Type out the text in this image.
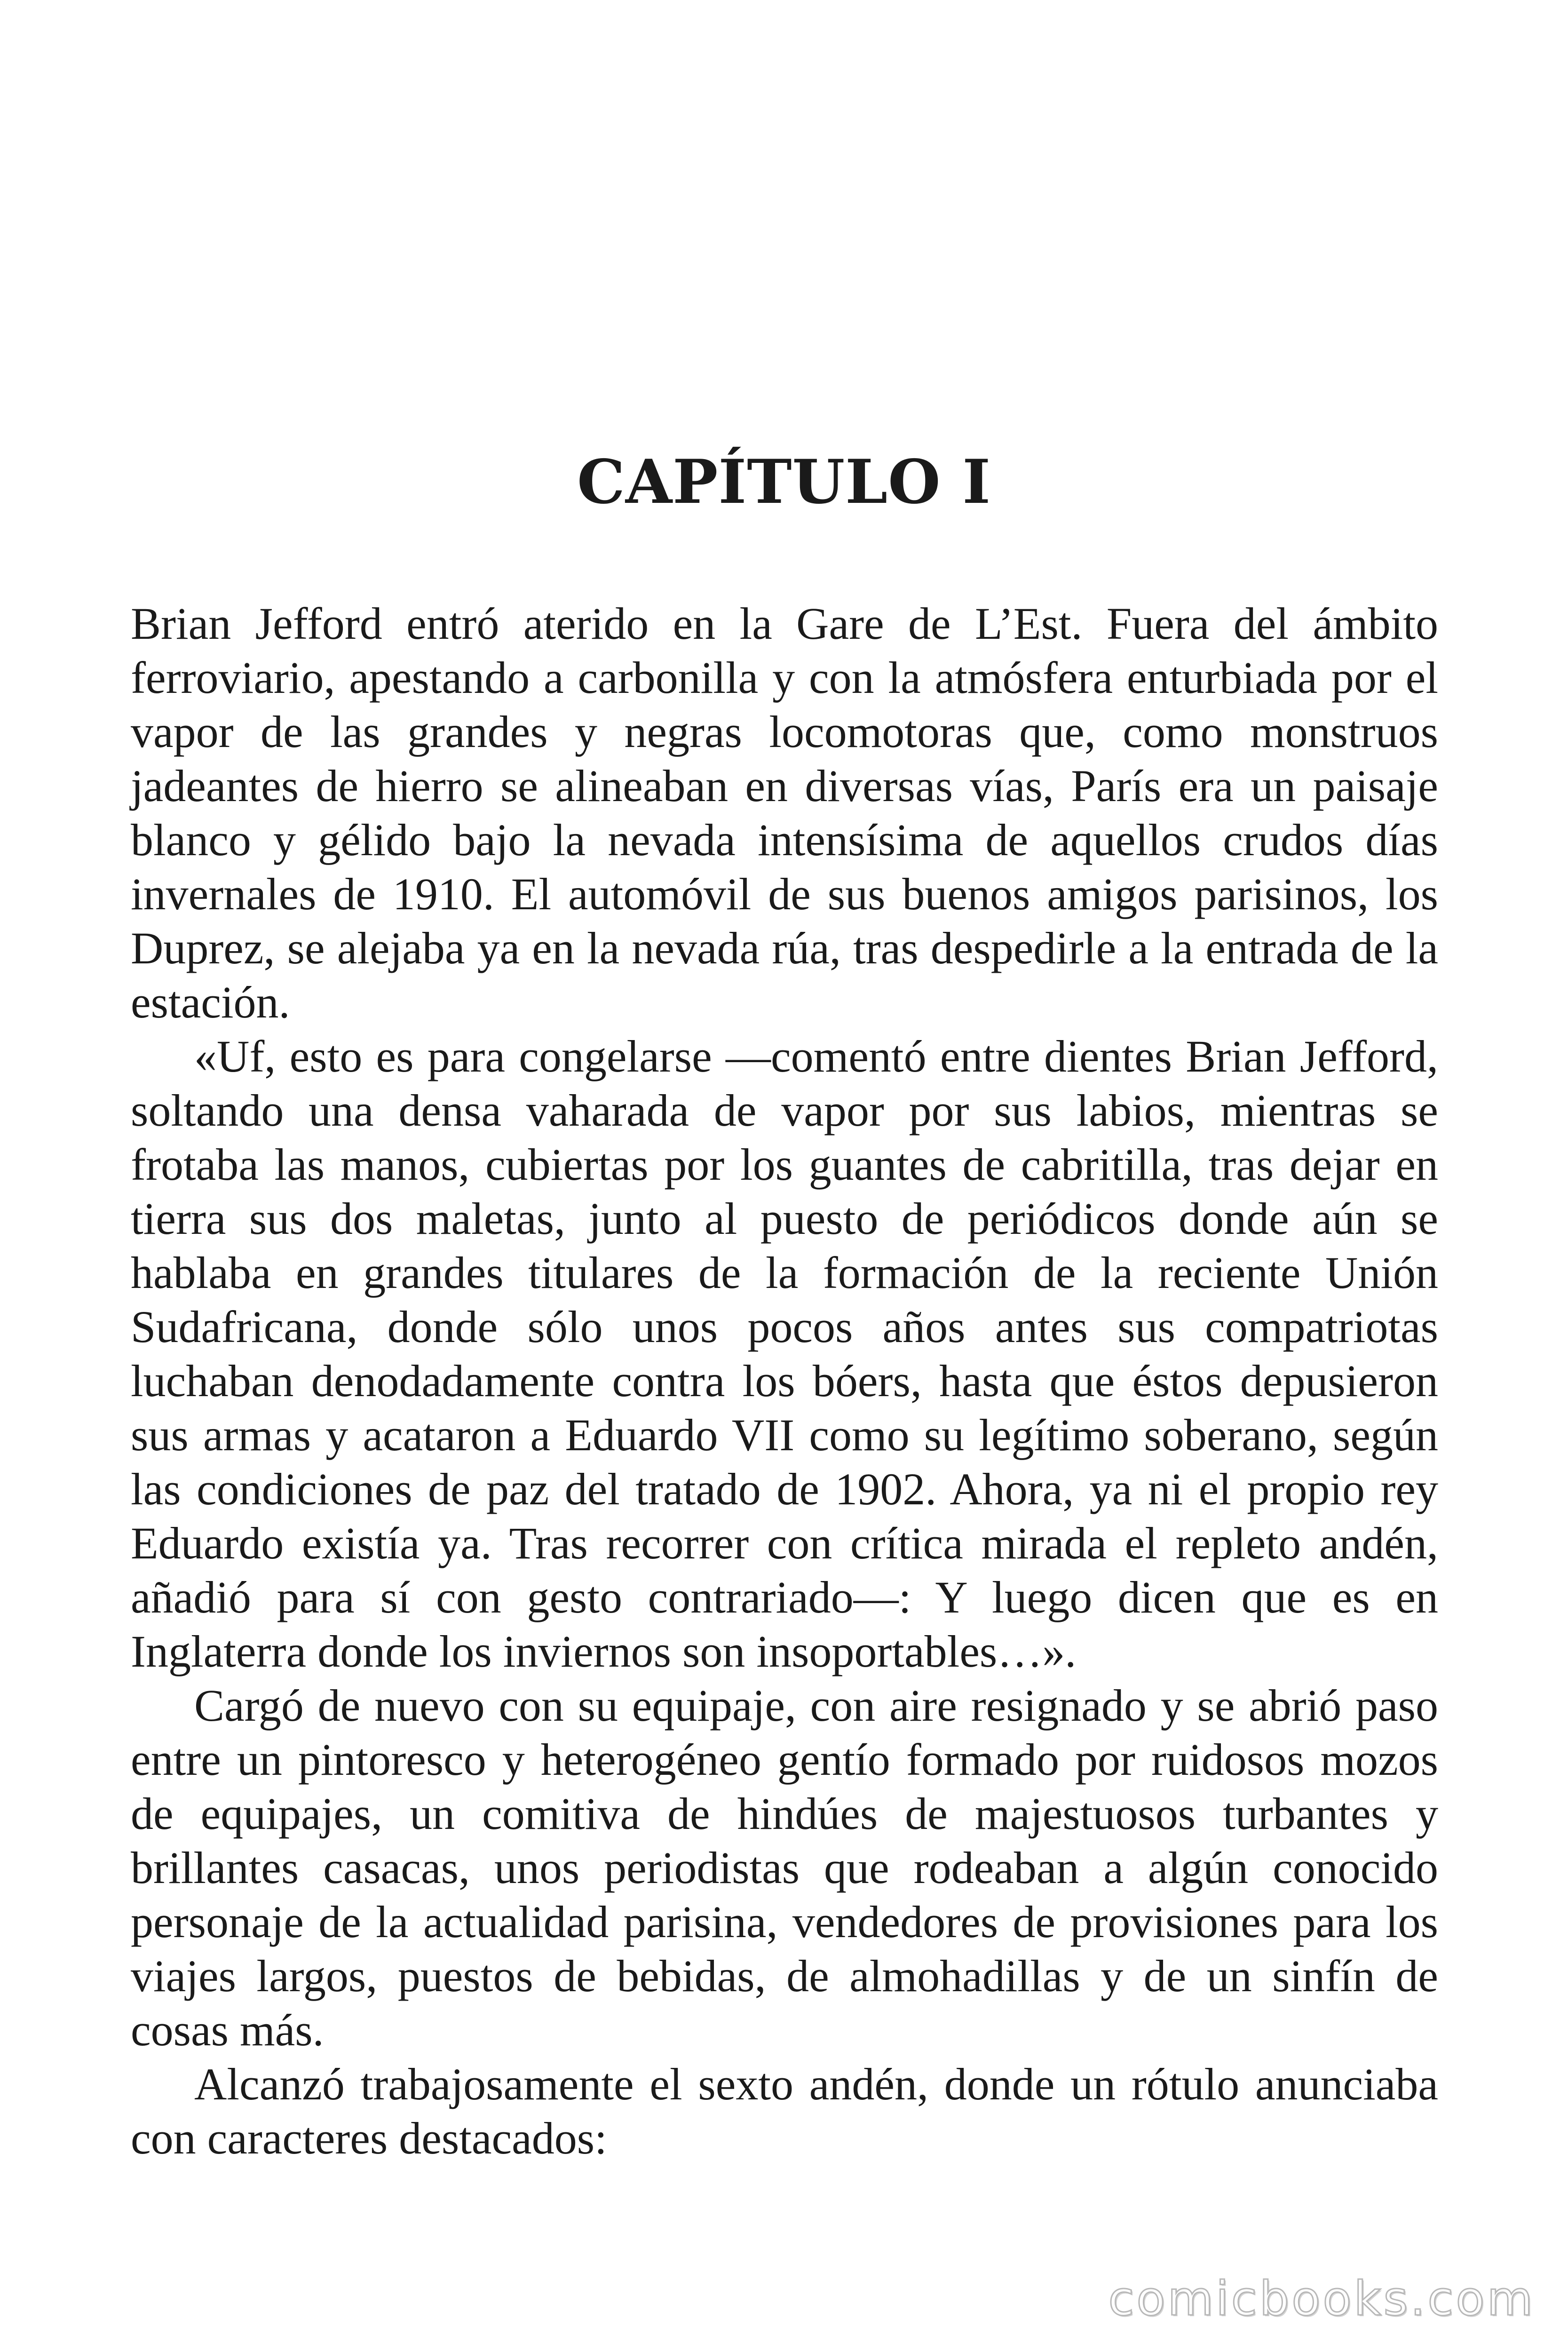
CAPÍTULO I

Brian Jefford entró aterido en la Gare de L’Est. Fuera del ámbito ferroviario, apestando a carbonilla y con la atmósfera enturbiada por el vapor de las grandes y negras locomotoras que, como monstruos jadeantes de hierro se alineaban en diversas vías, París era un paisaje blanco y gélido bajo la nevada intensísima de aquellos crudos días invernales de 1910. El automóvil de sus buenos amigos parisinos, los Duprez, se alejaba ya en la nevada rúa, tras despedirle a la entrada de la estación.

«Uf, esto es para congelarse —comentó entre dientes Brian Jefford, soltando una densa vaharada de vapor por sus labios, mientras se frotaba las manos, cubiertas por los guantes de cabritilla, tras dejar en tierra sus dos maletas, junto al puesto de periódicos donde aún se hablaba en grandes titulares de la formación de la reciente Unión Sudafricana, donde sólo unos pocos años antes sus compatriotas luchaban denodadamente contra los bóers, hasta que éstos depusieron sus armas y acataron a Eduardo VII como su legítimo soberano, según las condiciones de paz del tratado de 1902. Ahora, ya ni el propio rey Eduardo existía ya. Tras recorrer con crítica mirada el repleto andén, añadió para sí con gesto contrariado—: Y luego dicen que es en Inglaterra donde los inviernos son insoportables…».

Cargó de nuevo con su equipaje, con aire resignado y se abrió paso entre un pintoresco y heterogéneo gentío formado por ruidosos mozos de equipajes, un comitiva de hindúes de majestuosos turbantes y brillantes casacas, unos periodistas que rodeaban a algún conocido personaje de la actualidad parisina, vendedores de provisiones para los viajes largos, puestos de bebidas, de almohadillas y de un sinfín de cosas más.

Alcanzó trabajosamente el sexto andén, donde un rótulo anunciaba con caracteres destacados:

comicbooks.com
